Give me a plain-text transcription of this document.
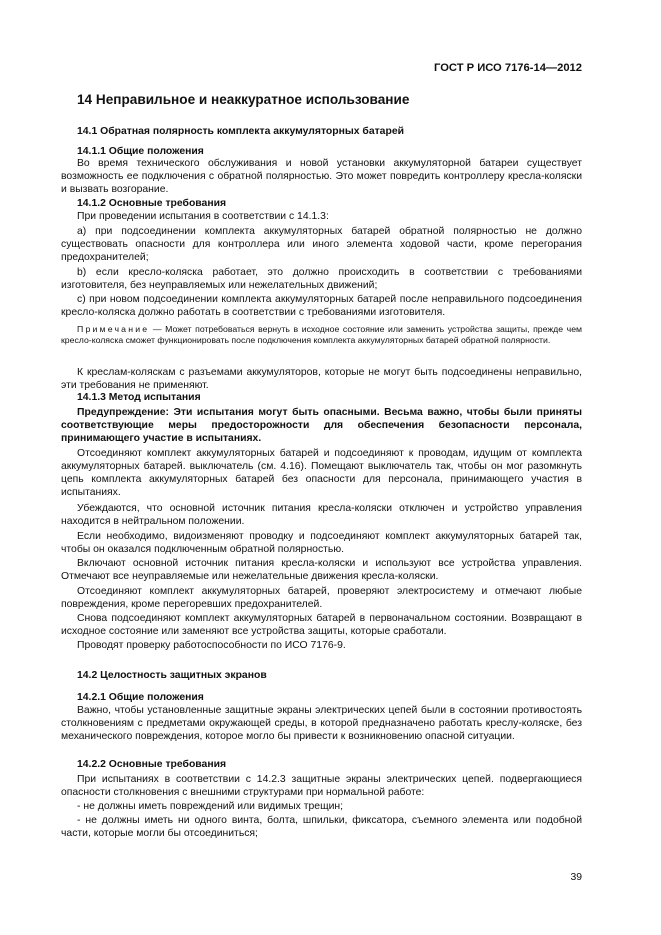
ГОСТ Р ИСО 7176-14—2012
14 Неправильное и неаккуратное использование
14.1 Обратная полярность комплекта аккумуляторных батарей
14.1.1 Общие положения

Во время технического обслуживания и новой установки аккумуляторной батареи существует возможность ее подключения с обратной полярностью. Это может повредить контроллеру кресла-коляски и вызвать возгорание.

14.1.2 Основные требования

При проведении испытания в соответствии с 14.1.3:

а) при подсоединении комплекта аккумуляторных батарей обратной полярностью не должно существовать опасности для контроллера или иного элемента ходовой части, кроме перегорания предохранителей;

b) если кресло-коляска работает, это должно происходить в соответствии с требованиями изготовителя, без неуправляемых или нежелательных движений;

с) при новом подсоединении комплекта аккумуляторных батарей после неправильного подсоединения кресло-коляска должно работать в соответствии с требованиями изготовителя.

Примечание — Может потребоваться вернуть в исходное состояние или заменить устройства защиты, прежде чем кресло-коляска сможет функционировать после подключения комплекта аккумуляторных батарей обратной полярности.

К креслам-коляскам с разъемами аккумуляторов, которые не могут быть подсоединены неправильно, эти требования не применяют.

14.1.3 Метод испытания

Предупреждение: Эти испытания могут быть опасными. Весьма важно, чтобы были приняты соответствующие меры предосторожности для обеспечения безопасности персонала, принимающего участие в испытаниях.

Отсоединяют комплект аккумуляторных батарей и подсоединяют к проводам, идущим от комплекта аккумуляторных батарей. выключатель (см. 4.16). Помещают выключатель так, чтобы он мог разомкнуть цепь комплекта аккумуляторных батарей без опасности для персонала, принимающего участия в испытаниях.

Убеждаются, что основной источник питания кресла-коляски отключен и устройство управления находится в нейтральном положении.

Если необходимо, видоизменяют проводку и подсоединяют комплект аккумуляторных батарей так, чтобы он оказался подключенным обратной полярностью.

Включают основной источник питания кресла-коляски и используют все устройства управления. Отмечают все неуправляемые или нежелательные движения кресла-коляски.

Отсоединяют комплект аккумуляторных батарей, проверяют электросистему и отмечают любые повреждения, кроме перегоревших предохранителей.

Снова подсоединяют комплект аккумуляторных батарей в первоначальном состоянии. Возвращают в исходное состояние или заменяют все устройства защиты, которые сработали.

Проводят проверку работоспособности по ИСО 7176-9.

14.2 Целостность защитных экранов
14.2.1 Общие положения

Важно, чтобы установленные защитные экраны электрических цепей были в состоянии противостоять столкновениям с предметами окружающей среды, в которой предназначено работать креслу-коляске, без механического повреждения, которое могло бы привести к возникновению опасной ситуации.

14.2.2 Основные требования

При испытаниях в соответствии с 14.2.3 защитные экраны электрических цепей. подвергающиеся опасности столкновения с внешними структурами при нормальной работе:

- не должны иметь повреждений или видимых трещин;

- не должны иметь ни одного винта, болта, шпильки, фиксатора, съемного элемента или подобной части, которые могли бы отсоединиться;

39
